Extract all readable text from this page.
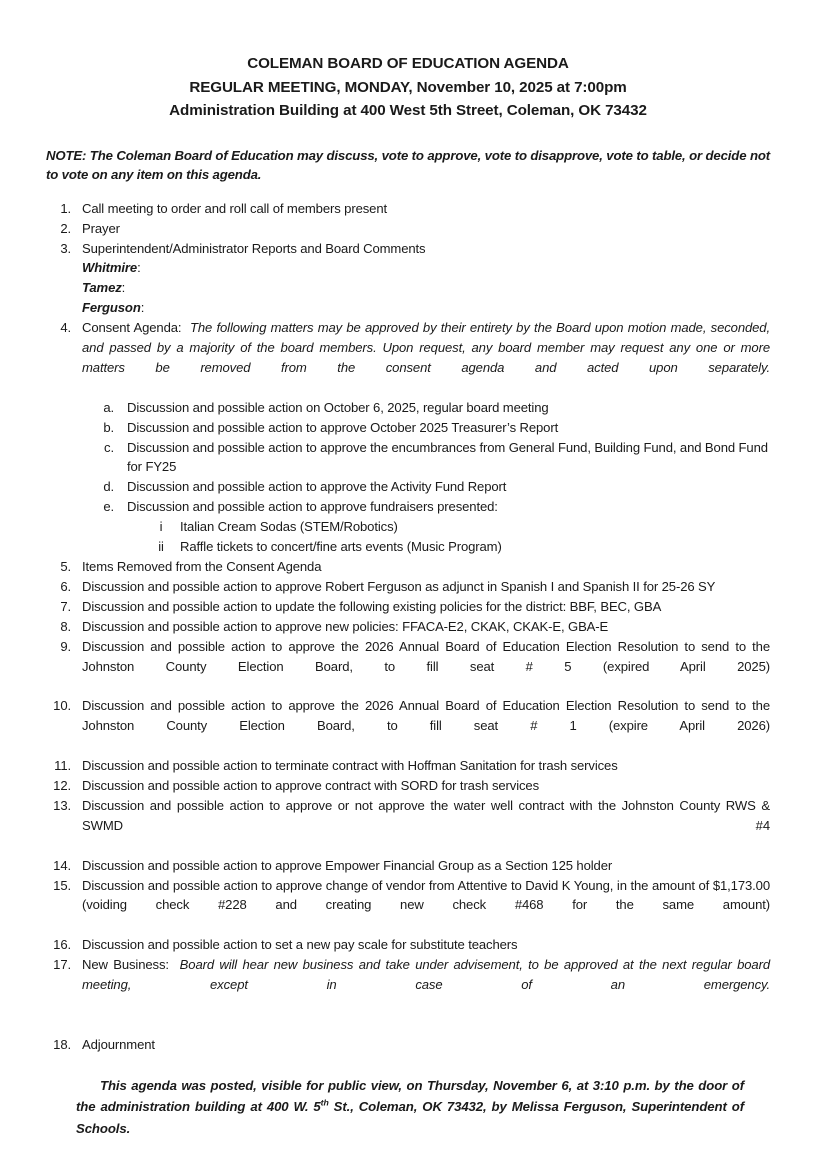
COLEMAN BOARD OF EDUCATION AGENDA
REGULAR MEETING, MONDAY, November 10, 2025 at 7:00pm
Administration Building at 400 West 5th Street, Coleman, OK 73432
NOTE: The Coleman Board of Education may discuss, vote to approve, vote to disapprove, vote to table, or decide not to vote on any item on this agenda.
1. Call meeting to order and roll call of members present
2. Prayer
3. Superintendent/Administrator Reports and Board Comments
Whitmire:
Tamez:
Ferguson:
4. Consent Agenda: The following matters may be approved by their entirety by the Board upon motion made, seconded, and passed by a majority of the board members. Upon request, any board member may request any one or more matters be removed from the consent agenda and acted upon separately.
a. Discussion and possible action on October 6, 2025, regular board meeting
b. Discussion and possible action to approve October 2025 Treasurer’s Report
c. Discussion and possible action to approve the encumbrances from General Fund, Building Fund, and Bond Fund for FY25
d. Discussion and possible action to approve the Activity Fund Report
e. Discussion and possible action to approve fundraisers presented:
i	Italian Cream Sodas (STEM/Robotics)
ii	Raffle tickets to concert/fine arts events (Music Program)
5. Items Removed from the Consent Agenda
6. Discussion and possible action to approve Robert Ferguson as adjunct in Spanish I and Spanish II for 25-26 SY
7. Discussion and possible action to update the following existing policies for the district: BBF, BEC, GBA
8. Discussion and possible action to approve new policies: FFACA-E2, CKAK, CKAK-E, GBA-E
9. Discussion and possible action to approve the 2026 Annual Board of Education Election Resolution to send to the Johnston County Election Board, to fill seat # 5 (expired April 2025)
10. Discussion and possible action to approve the 2026 Annual Board of Education Election Resolution to send to the Johnston County Election Board, to fill seat # 1 (expire April 2026)
11. Discussion and possible action to terminate contract with Hoffman Sanitation for trash services
12. Discussion and possible action to approve contract with SORD for trash services
13. Discussion and possible action to approve or not approve the water well contract with the Johnston County RWS & SWMD #4
14. Discussion and possible action to approve Empower Financial Group as a Section 125 holder
15. Discussion and possible action to approve change of vendor from Attentive to David K Young, in the amount of $1,173.00 (voiding check #228 and creating new check #468 for the same amount)
16. Discussion and possible action to set a new pay scale for substitute teachers
17. New Business: Board will hear new business and take under advisement, to be approved at the next regular board meeting, except in case of an emergency.
18. Adjournment
This agenda was posted, visible for public view, on Thursday, November 6, at 3:10 p.m. by the door of the administration building at 400 W. 5th St., Coleman, OK 73432, by Melissa Ferguson, Superintendent of Schools.
